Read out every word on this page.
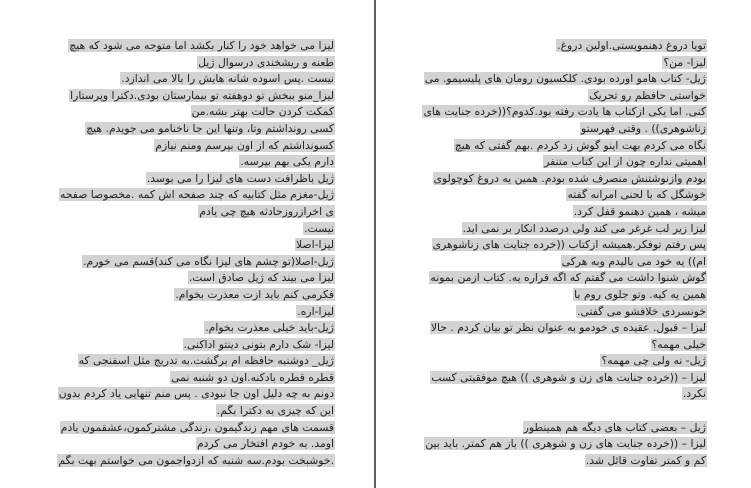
لیزا می خواهد خود را کنار بکشد اما متوجه می شود که هیچ
طعنه و ریشخندی درسوال ژیل
نیست .پس اسوده شانه هایش را بالا می اندازد.
لیزا_منو ببخش تو دوهفته تو بیمارستان بودی.دکترا وپرستارا
کمکت کردن حالت بهتر بشه.من
کسی رونداشتم وتا، وتنها این جا ناخنامو می جویدم. هیچ
کسونداشتم که از اون بپرسم ومنم نیازم
دارم یکی بهم بپرسه.
ژیل باظرافت دست های لیزا را می بوسد.
ژیل-مغزم مثل کتابیه که چند صفحه اش کمه .مخصوصا صفحه
ی اخرازروزحادثه هیچ چی یادم
نیست.
لیزا-اصلا
ژیل-اصلا(تو چشم های لیزا نگاه می کند)قسم می خورم.
لیزا می بیند که ژیل صادق است.
فکرمی کنم باید ازت معذرت بخوام.
لیزا-اره.
ژیل-باید خیلی معذرت بخوام.
لیزا- شک دارم بتونی دینتو اداکنی.
ژیل_ دوشنبه حافظه ام برگشت.به تدریج مثل اسفنجی که
قطره قطره بادکنه.اون دو شنبه نمی
دونم به چه دلیل اون جا نبودی . پس منم تنهایی یاد کردم بدون
این که چیزی به دکترا بگم.
قسمت های مهم زندگیمون ،زندگی مشترکمون،عشقمون یادم
اومد. به خودم افتخار می کردم
.خوشبخت بودم.سه شنبه که ازدواجمون می خواستم بهت بگم
تویا دروغ دهنمویستی.اولین دروغ.
لیزا- من؟
ژیل- کتاب هامو اورده بودی. کلکسیون رومان های پلیسیمو. می
خواستی حافظم رو تحریک
کنی. اما یکی ازکتاب ها یادت رفته بود.کدوم؟((خرده جنایت های
زناشوهری)) . وقتی فهرستو
نگاه می کردم بهت اینو گوش زد کردم .بهم گفتی که هیچ
اهمیتی نداره چون از این کتاب متنفر
بودم وازنوشتنش منصرف شده بودم. همین یه دروغ کوچولوی
خوشگل که با لحنی امرانه گفته
میشه ، همین دهنمو قفل کرد.
لیزا زیر لب غرغر می کند ولی درصدد انکار بر نمی اید.
پس رفتم توفکر.همیشه ازکتاب ((خرده جنایت های زناشوهری
ام)) یه خود می بالیدم وبه هرکی
گوش شنوا داشت می گفتم که اگه قراره یه. کتاب ازمن بمونه
همین یه کیه. وتو جلوی روم با
خونسردی خلافشو می گفتی.
لیزا – قبول. عقیده ی خودمو به عنوان نظر تو بیان کردم . حالا
خیلی مهمه؟
ژیل- نه ولی چی مهمه؟
لیزا – ((خرده جنایت های زن و شوهری )) هیچ موفقیتی کسب
نکرد.
ژیل – بعضی کتاب های دیگه هم همینطور
لیزا – ((خرده جنایت های زن و شوهری )) باز هم کمتر. باید بین
کم و کمتر تفاوت قائل شد.
